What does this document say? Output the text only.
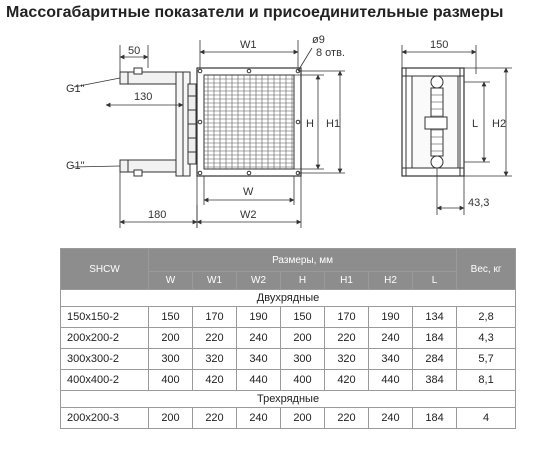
Массогабаритные показатели и присоединительные размеры
50
130
180
G1"
G1"
W1
W
W2
H H1
ø9
8 отв.
150
L H2
43,3
SHCW	Размеры, мм							Вес, кг
	W	W1	W2	H	H1	H2	L	
Двухрядные								
150x150-2	150	170	190	150	170	190	134	2,8
200x200-2	200	220	240	200	220	240	184	4,3
300x300-2	300	320	340	300	320	340	284	5,7
400x400-2	400	420	440	400	420	440	384	8,1
Трехрядные								
200x200-3	200	220	240	200	220	240	184	4
